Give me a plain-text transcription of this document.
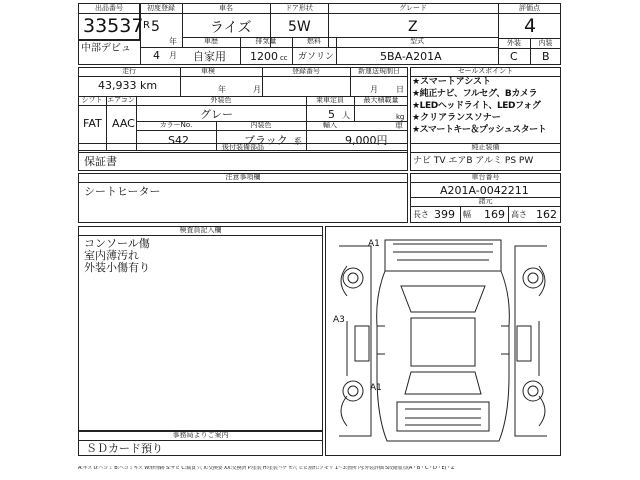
出品番号
33537
中部デビュ
初度登録
R 5
年
4 月
車名
ライズ
ドア形状
5W
グレード
Z
評価点
4
外装	内装
C B
車歴
自家用
排気量
1200 cc
燃料
ガソリン
型式
5BA-A201A
走行
43,933 km
車検
年	月
登録番号	新運送規制日
月 日
シフト エアコン
FAT AAC
外装色
グレー
乗車定員
5 人
最大積載量
kg
カラーNo.	内装色
S42	ブラック 系
輸入	車
9,000円
セールスポイント
★スマートアシスト
★純正ナビ、フルセグ、Bカメラ
★LEDヘッドライト、LEDフォグ
★クリアランスソナー
★スマートキー＆プッシュスタート
純正装備
ナビ TV エアB アルミ PS PW
後付装備部品
保証書
注意事項欄
シートヒーター
車台番号
A201A-0042211
諸元
長さ 399 幅 169 高さ 162
検査員記入欄
コンソール傷
室内薄汚れ
外装小傷有り
事務局よりご案内
ＳＤカード預り
A1
A3
A1
A:キズ U:ヘコミ B:ヘコミキズ W:修理跡 S:サビ C:腐食 穴 X:交換要 XX:交換済 P:塗装 H:塗装ハゲ Y:穴 ヒビ割れ:クモリ 1〜3:箇所 内:外装評価 5段階加点(A・B・C・D・E)・Z
